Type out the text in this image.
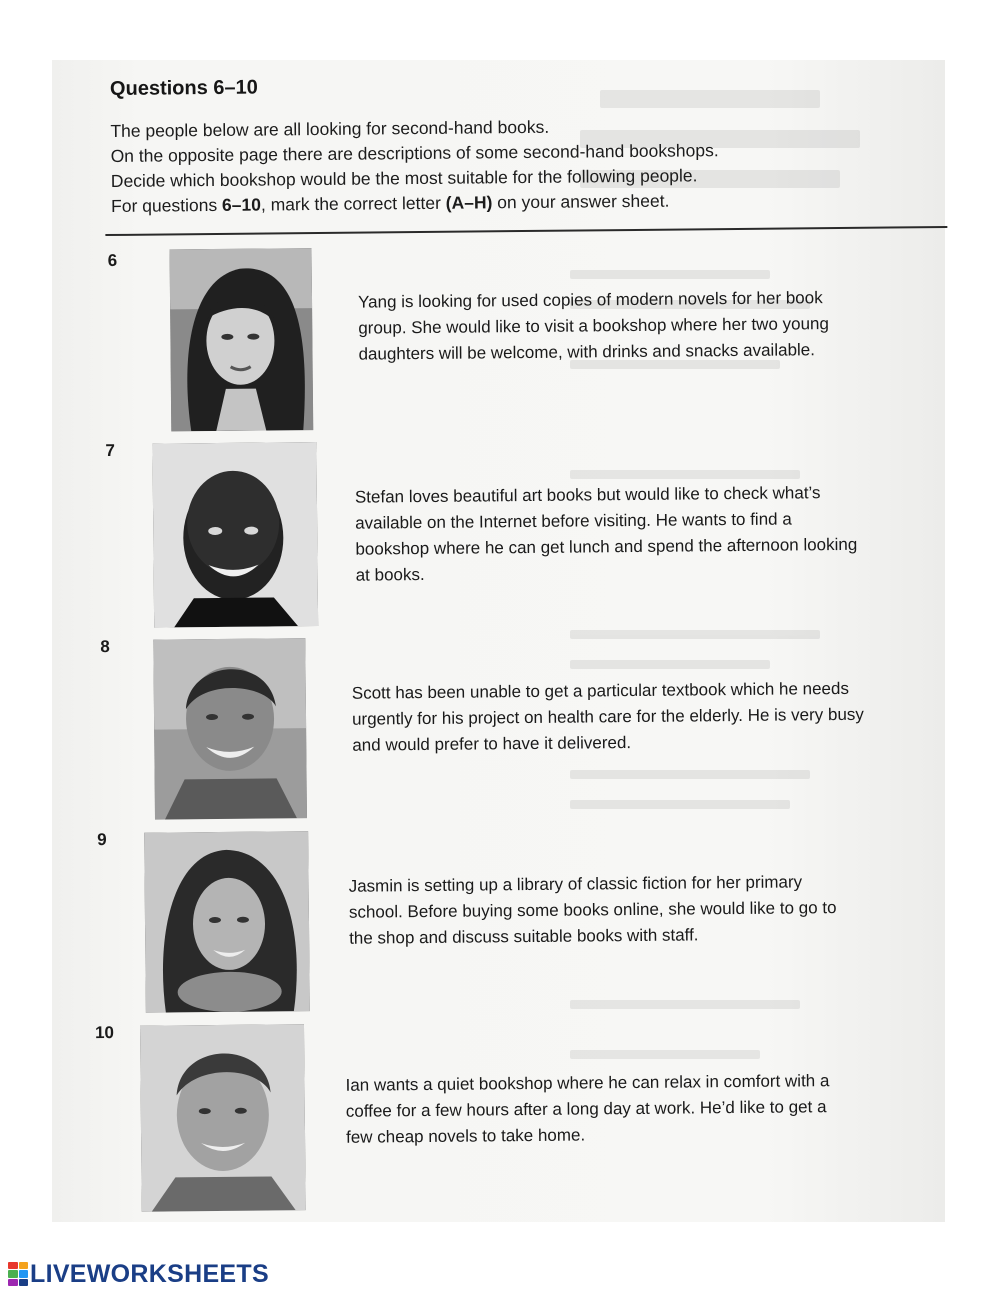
Questions 6–10
The people below are all looking for second-hand books.
On the opposite page there are descriptions of some second-hand bookshops.
Decide which bookshop would be the most suitable for the following people.
For questions 6–10, mark the correct letter (A–H) on your answer sheet.
6
Yang is looking for used copies of modern novels for her book
group. She would like to visit a bookshop where her two young
daughters will be welcome, with drinks and snacks available.
7
Stefan loves beautiful art books but would like to check what’s
available on the Internet before visiting. He wants to find a
bookshop where he can get lunch and spend the afternoon looking
at books.
8
Scott has been unable to get a particular textbook which he needs
urgently for his project on health care for the elderly. He is very busy
and would prefer to have it delivered.
9
Jasmin is setting up a library of classic fiction for her primary
school. Before buying some books online, she would like to go to
the shop and discuss suitable books with staff.
10
Ian wants a quiet bookshop where he can relax in comfort with a
coffee for a few hours after a long day at work. He’d like to get a
few cheap novels to take home.
LIVEWORKSHEETS
